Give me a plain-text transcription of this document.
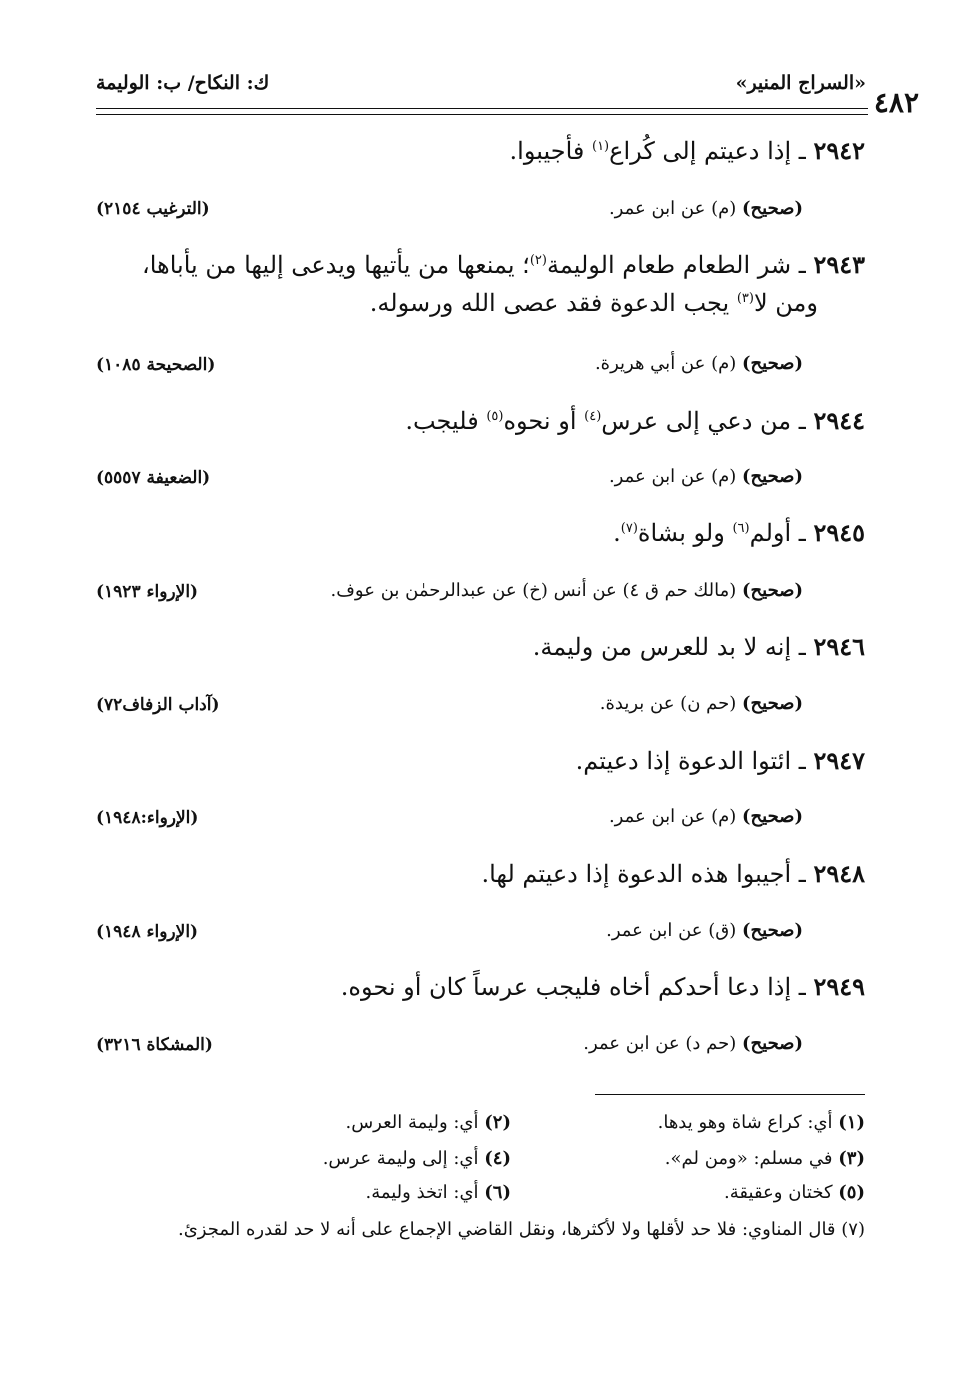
ك: النكاح/ ب: الوليمة	«السراج المنير»
٤٨٢
٢٩٤٢ ـ إذا دعيتم إلى كُراع$^{(١)}$ فأجيبوا.
(صحيح) (م) عن ابن عمر.
(الترغيب ٢١٥٤)
٢٩٤٣ ـ شر الطعام طعام الوليمة$^{(٢)}$؛ يمنعها من يأتيها ويدعى إليها من يأباها،
ومن لا$^{(٣)}$ يجب الدعوة فقد عصى الله ورسوله.
(صحيح) (م) عن أبي هريرة.
(الصحيحة ١٠٨٥)
٢٩٤٤ ـ من دعي إلى عرس$^{(٤)}$ أو نحوه$^{(٥)}$ فليجب.
(صحيح) (م) عن ابن عمر.
(الضعيفة ٥٥٥٧)
٢٩٤٥ ـ أولم$^{(٦)}$ ولو بشاة$^{(٧)}$.
(صحيح) (مالك حم ق ٤) عن أنس (خ) عن عبدالرحمٰن بن عوف.
(الإرواء ١٩٢٣)
٢٩٤٦ ـ إنه لا بد للعرس من وليمة.
(صحيح) (حم ن) عن بريدة.
(آداب الزفاف٧٢)
٢٩٤٧ ـ ائتوا الدعوة إذا دعيتم.
(صحيح) (م) عن ابن عمر.
(الإرواء:١٩٤٨)
٢٩٤٨ ـ أجيبوا هذه الدعوة إذا دعيتم لها.
(صحيح) (ق) عن ابن عمر.
(الإرواء ١٩٤٨)
٢٩٤٩ ـ إذا دعا أحدكم أخاه فليجب عرساً كان أو نحوه.
(صحيح) (حم د) عن ابن عمر.
(المشكاة ٣٢١٦)
(١) أي: كراع شاة وهو يدها.
(٢) أي: وليمة العرس.
(٣) في مسلم: «ومن لم».
(٤) أي: إلى وليمة عرس.
(٥) كختان وعقيقة.
(٦) أي: اتخذ وليمة.
(٧) قال المناوي: فلا حد لأقلها ولا لأكثرها، ونقل القاضي الإجماع على أنه لا حد لقدره المجزئ.
